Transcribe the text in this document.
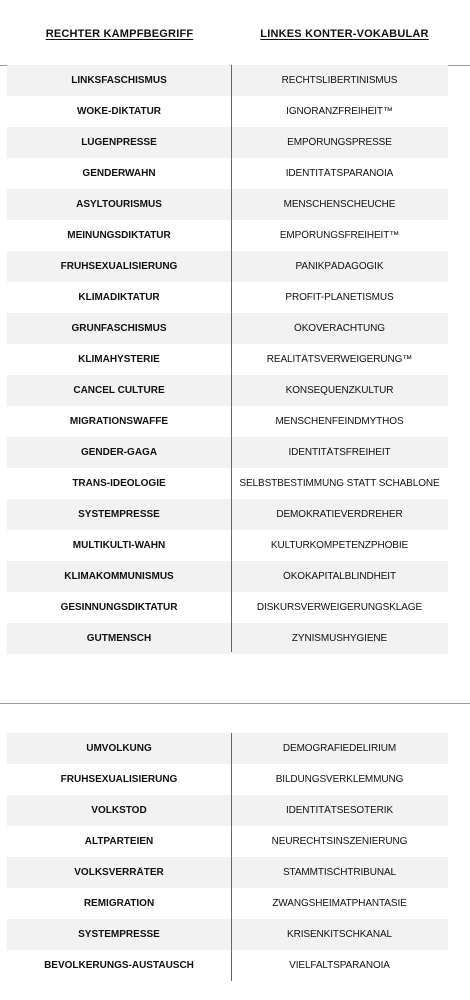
RECHTER KAMPFBEGRIFF	LINKES KONTER-VOKABULAR
LINKSFASCHISMUS	RECHTSLIBERTINISMUS
WOKE-DIKTATUR	IGNORANZFREIHEIT™
LÜGENPRESSE	EMPÖRUNGSPRESSE
GENDERWAHN	IDENTITÄTSPARANOIA
ASYLTOURISMUS	MENSCHENSCHEUCHE
MEINUNGSDIKTATUR	EMPÖRUNGSFREIHEIT™
FRÜHSEXUALISIERUNG	PANIKPÄDAGOGIK
KLIMADIKTATUR	PROFIT-PLANETISMUS
GRÜNFASCHISMUS	ÖKOVERACHTUNG
KLIMAHYSTERIE	REALITÄTSVERWEIGERUNG™
CANCEL CULTURE	KONSEQUENZKULTUR
MIGRATIONSWAFFE	MENSCHENFEINDMYTHOS
GENDER-GAGA	IDENTITÄTSFREIHEIT
TRANS-IDEOLOGIE	SELBSTBESTIMMUNG STATT SCHABLONE
SYSTEMPRESSE	DEMOKRATIEVERDREHER
MULTIKULTI-WAHN	KULTURKOMPETENZPHOBIE
KLIMAKOMMUNISMUS	ÖKOKAPITALBLINDHEIT
GESINNUNGSDIKTATUR	DISKURSVERWEIGERUNGSKLAGE
GUTMENSCH	ZYNISMUSHYGIENE
UMVOLKUNG	DEMOGRAFIEDELIRIUM
FRÜHSEXUALISIERUNG	BILDUNGSVERKLEMMUNG
VOLKSTOD	IDENTITÄTSESOTERIK
ALTPARTEIEN	NEURECHTSINSZENIERUNG
VOLKSVERRÄTER	STAMMTISCHTRIBUNAL
REMIGRATION	ZWANGSHEIMATPHANTASIE
SYSTEMPRESSE	KRISENKITSCHKANAL
BEVÖLKERUNGS-AUSTAUSCH	VIELFALTSPARANOIA
